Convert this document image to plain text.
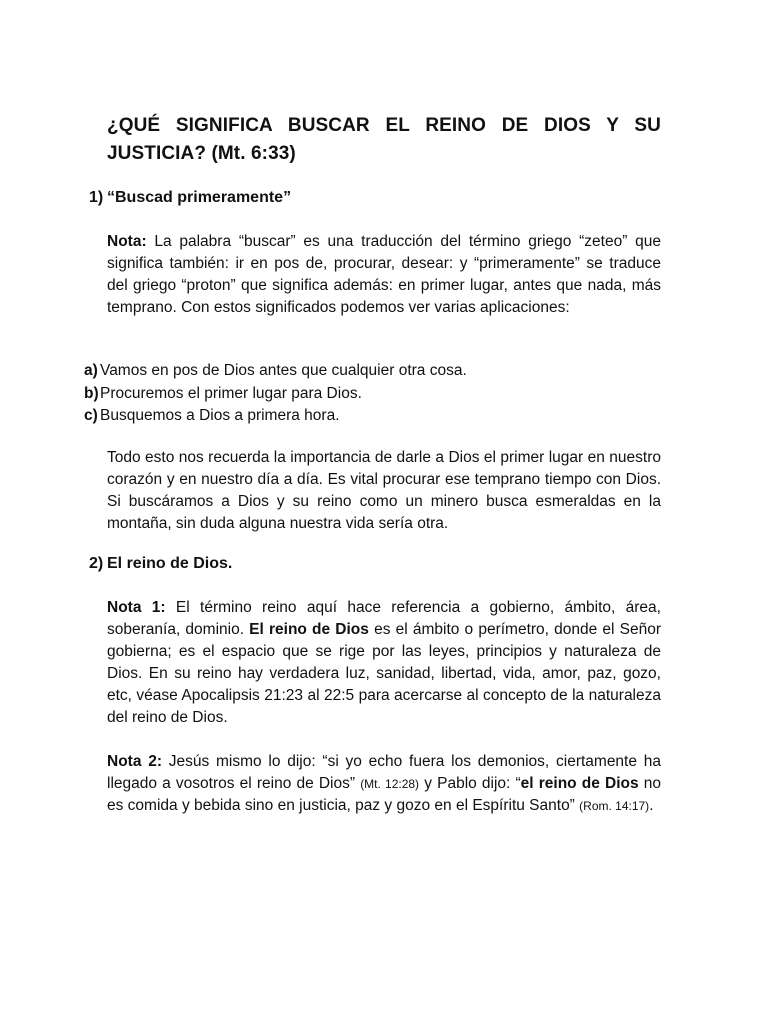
¿QUÉ SIGNIFICA BUSCAR EL REINO DE DIOS Y SU JUSTICIA? (Mt. 6:33)
1) “Buscad primeramente”

Nota: La palabra “buscar” es una traducción del término griego “zeteo” que significa también: ir en pos de, procurar, desear: y “primeramente” se traduce del griego “proton” que significa además: en primer lugar, antes que nada, más temprano. Con estos significados podemos ver varias aplicaciones:

a) Vamos en pos de Dios antes que cualquier otra cosa.
b)Procuremos el primer lugar para Dios.
c) Busquemos a Dios a primera hora.

Todo esto nos recuerda la importancia de darle a Dios el primer lugar en nuestro corazón y en nuestro día a día. Es vital procurar ese temprano tiempo con Dios. Si buscáramos a Dios y su reino como un minero busca esmeraldas en la montaña, sin duda alguna nuestra vida sería otra.

2) El reino de Dios.

Nota 1: El término reino aquí hace referencia a gobierno, ámbito, área, soberanía, dominio. El reino de Dios es el ámbito o perímetro, donde el Señor gobierna; es el espacio que se rige por las leyes, principios y naturaleza de Dios. En su reino hay verdadera luz, sanidad, libertad, vida, amor, paz, gozo, etc, véase Apocalipsis 21:23 al 22:5 para acercarse al concepto de la naturaleza del reino de Dios.

Nota 2: Jesús mismo lo dijo: “si yo echo fuera los demonios, ciertamente ha llegado a vosotros el reino de Dios” (Mt. 12:28) y Pablo dijo: “el reino de Dios no es comida y bebida sino en justicia, paz y gozo en el Espíritu Santo” (Rom. 14:17).
